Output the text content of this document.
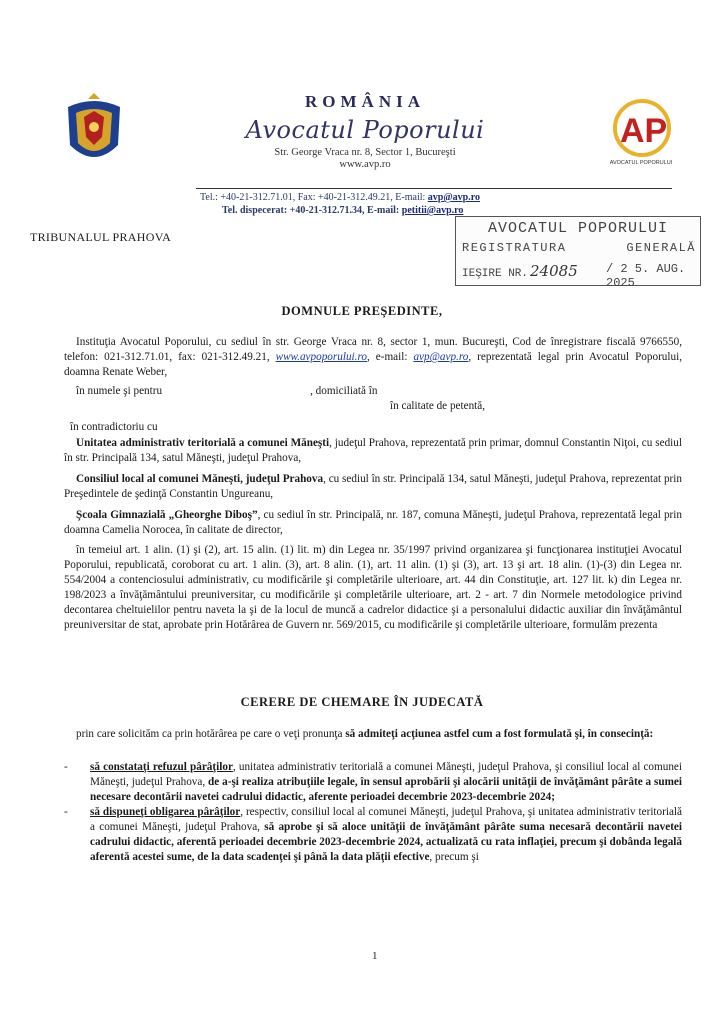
ROMÂNIA
Avocatul Poporului
Str. George Vraca nr. 8, Sector 1, Bucureşti
www.avp.ro
AP
AVOCATUL POPORULUI
Tel.: +40-21-312.71.01, Fax: +40-21-312.49.21, E-mail: avp@avp.ro
Tel. dispecerat: +40-21-312.71.34, E-mail: petitii@avp.ro
AVOCATUL POPORULUI
REGISTRATURA	GENERALĂ
IEŞIRE NR. 24085 / 2 5. AUG. 2025
TRIBUNALUL PRAHOVA
DOMNULE PREŞEDINTE,
Instituţia Avocatul Poporului, cu sediul în str. George Vraca nr. 8, sector 1, mun. Bucureşti, Cod de înregistrare fiscală 9766550, telefon: 021-312.71.01, fax: 021-312.49.21, www.avpoporului.ro, e-mail: avp@avp.ro, reprezentată legal prin Avocatul Poporului, doamna Renate Weber,
în numele şi pentru	, domiciliată în
în calitate de petentă,
în contradictoriu cu
Unitatea administrativ teritorială a comunei Măneşti, judeţul Prahova, reprezentată prin primar, domnul Constantin Niţoi, cu sediul în str. Principală 134, satul Măneşti, judeţul Prahova,
Consiliul local al comunei Măneşti, judeţul Prahova, cu sediul în str. Principală 134, satul Măneşti, judeţul Prahova, reprezentat prin Preşedintele de şedinţă Constantin Ungureanu,
Şcoala Gimnazială „Gheorghe Diboş”, cu sediul în str. Principală, nr. 187, comuna Măneşti, judeţul Prahova, reprezentată legal prin doamna Camelia Norocea, în calitate de director,
în temeiul art. 1 alin. (1) şi (2), art. 15 alin. (1) lit. m) din Legea nr. 35/1997 privind organizarea şi funcţionarea instituţiei Avocatul Poporului, republicată, coroborat cu art. 1 alin. (3), art. 8 alin. (1), art. 11 alin. (1) şi (3), art. 13 şi art. 18 alin. (1)-(3) din Legea nr. 554/2004 a contenciosului administrativ, cu modificările şi completările ulterioare, art. 44 din Constituţie, art. 127 lit. k) din Legea nr. 198/2023 a învăţământului preuniversitar, cu modificările şi completările ulterioare, art. 2 - art. 7 din Normele metodologice privind decontarea cheltuielilor pentru naveta la şi de la locul de muncă a cadrelor didactice şi a personalului didactic auxiliar din învăţământul preuniversitar de stat, aprobate prin Hotărârea de Guvern nr. 569/2015, cu modificările şi completările ulterioare, formulăm prezenta
CERERE DE CHEMARE ÎN JUDECATĂ
prin care solicităm ca prin hotărârea pe care o veţi pronunţa să admiteţi acţiunea astfel cum a fost formulată şi, în consecinţă:
- să constataţi refuzul pârâţilor, unitatea administrativ teritorială a comunei Măneşti, judeţul Prahova, şi consiliul local al comunei Măneşti, judeţul Prahova, de a-şi realiza atribuţiile legale, în sensul aprobării şi alocării unităţii de învăţământ pârâte a sumei necesare decontării navetei cadrului didactic, aferente perioadei decembrie 2023-decembrie 2024;
- să dispuneţi obligarea pârâţilor, respectiv, consiliul local al comunei Măneşti, judeţul Prahova, şi unitatea administrativ teritorială a comunei Măneşti, judeţul Prahova, să aprobe şi să aloce unităţii de învăţământ pârâte suma necesară decontării navetei cadrului didactic, aferentă perioadei decembrie 2023-decembrie 2024, actualizată cu rata inflaţiei, precum şi dobânda legală aferentă acestei sume, de la data scadenţei şi până la data plăţii efective, precum şi
1
